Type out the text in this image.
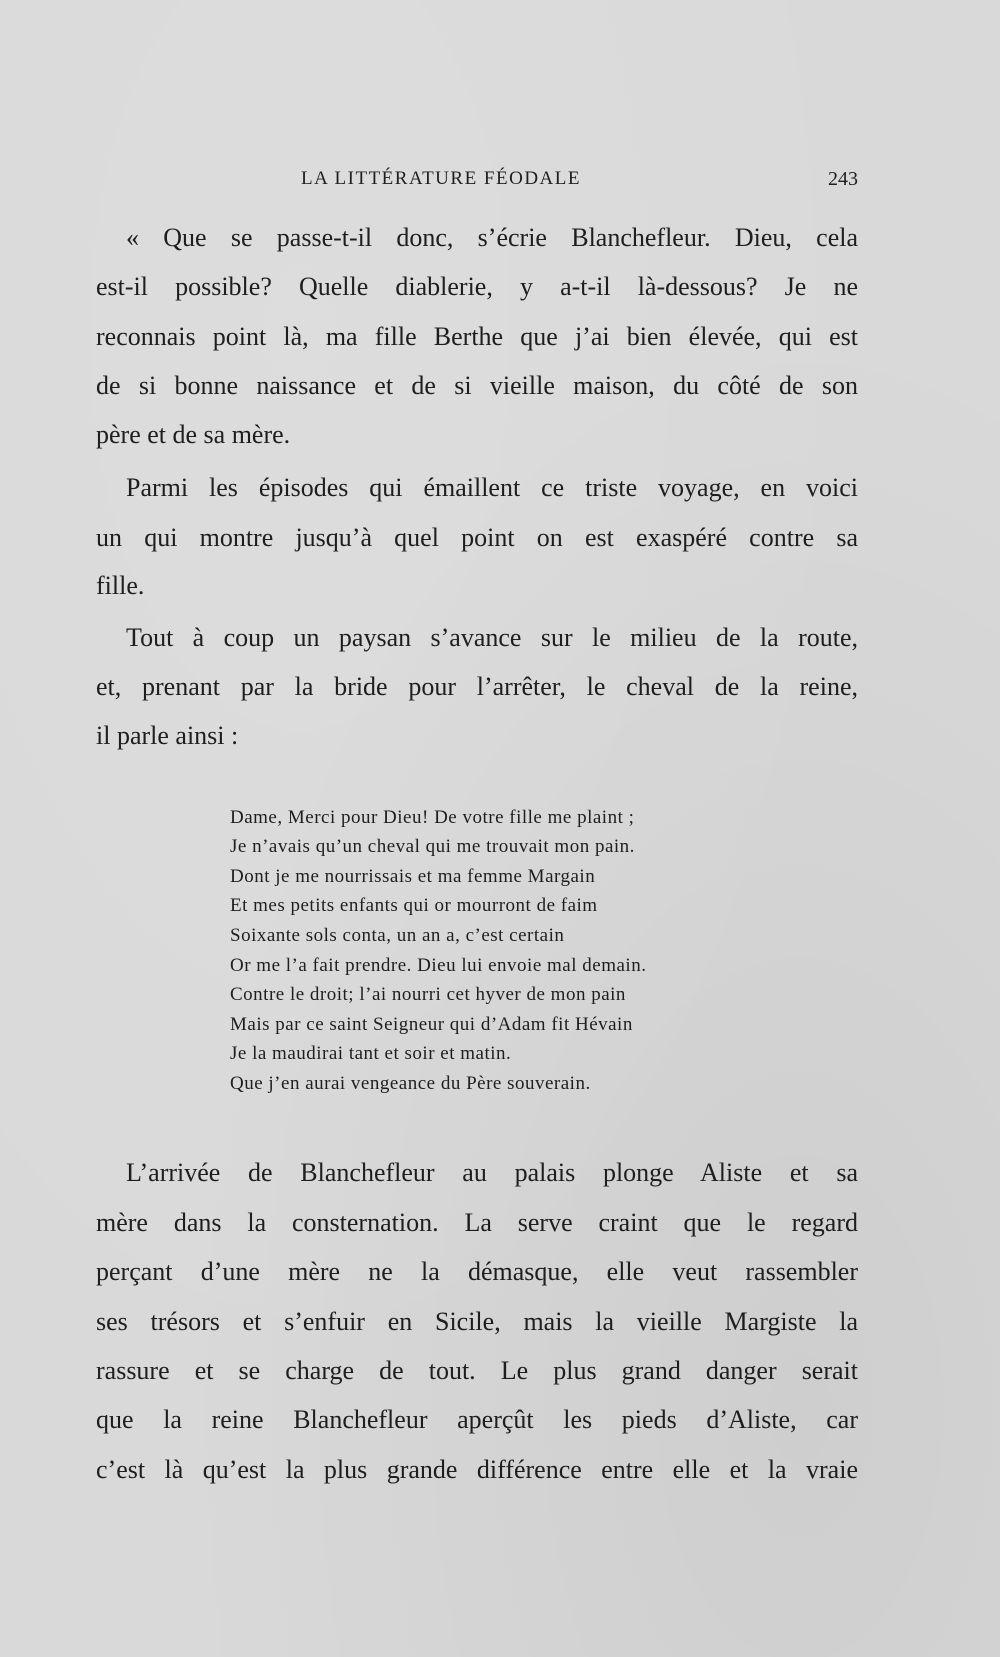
LA LITTÉRATURE FÉODALE	243
« Que se passe-t-il donc, s’écrie Blanchefleur. Dieu, cela
est-il possible? Quelle diablerie, y a-t-il là-dessous? Je ne
reconnais point là, ma fille Berthe que j’ai bien élevée, qui est
de si bonne naissance et de si vieille maison, du côté de son
père et de sa mère.
Parmi les épisodes qui émaillent ce triste voyage, en voici
un qui montre jusqu’à quel point on est exaspéré contre sa
fille.
Tout à coup un paysan s’avance sur le milieu de la route,
et, prenant par la bride pour l’arrêter, le cheval de la reine,
il parle ainsi :
Dame, Merci pour Dieu! De votre fille me plaint ;
Je n’avais qu’un cheval qui me trouvait mon pain.
Dont je me nourrissais et ma femme Margain
Et mes petits enfants qui or mourront de faim
Soixante sols conta, un an a, c’est certain
Or me l’a fait prendre. Dieu lui envoie mal demain.
Contre le droit; l’ai nourri cet hyver de mon pain
Mais par ce saint Seigneur qui d’Adam fit Hévain
Je la maudirai tant et soir et matin.
Que j’en aurai vengeance du Père souverain.
L’arrivée de Blanchefleur au palais plonge Aliste et sa
mère dans la consternation. La serve craint que le regard
perçant d’une mère ne la démasque, elle veut rassembler
ses trésors et s’enfuir en Sicile, mais la vieille Margiste la
rassure et se charge de tout. Le plus grand danger serait
que la reine Blanchefleur aperçût les pieds d’Aliste, car
c’est là qu’est la plus grande différence entre elle et la vraie
